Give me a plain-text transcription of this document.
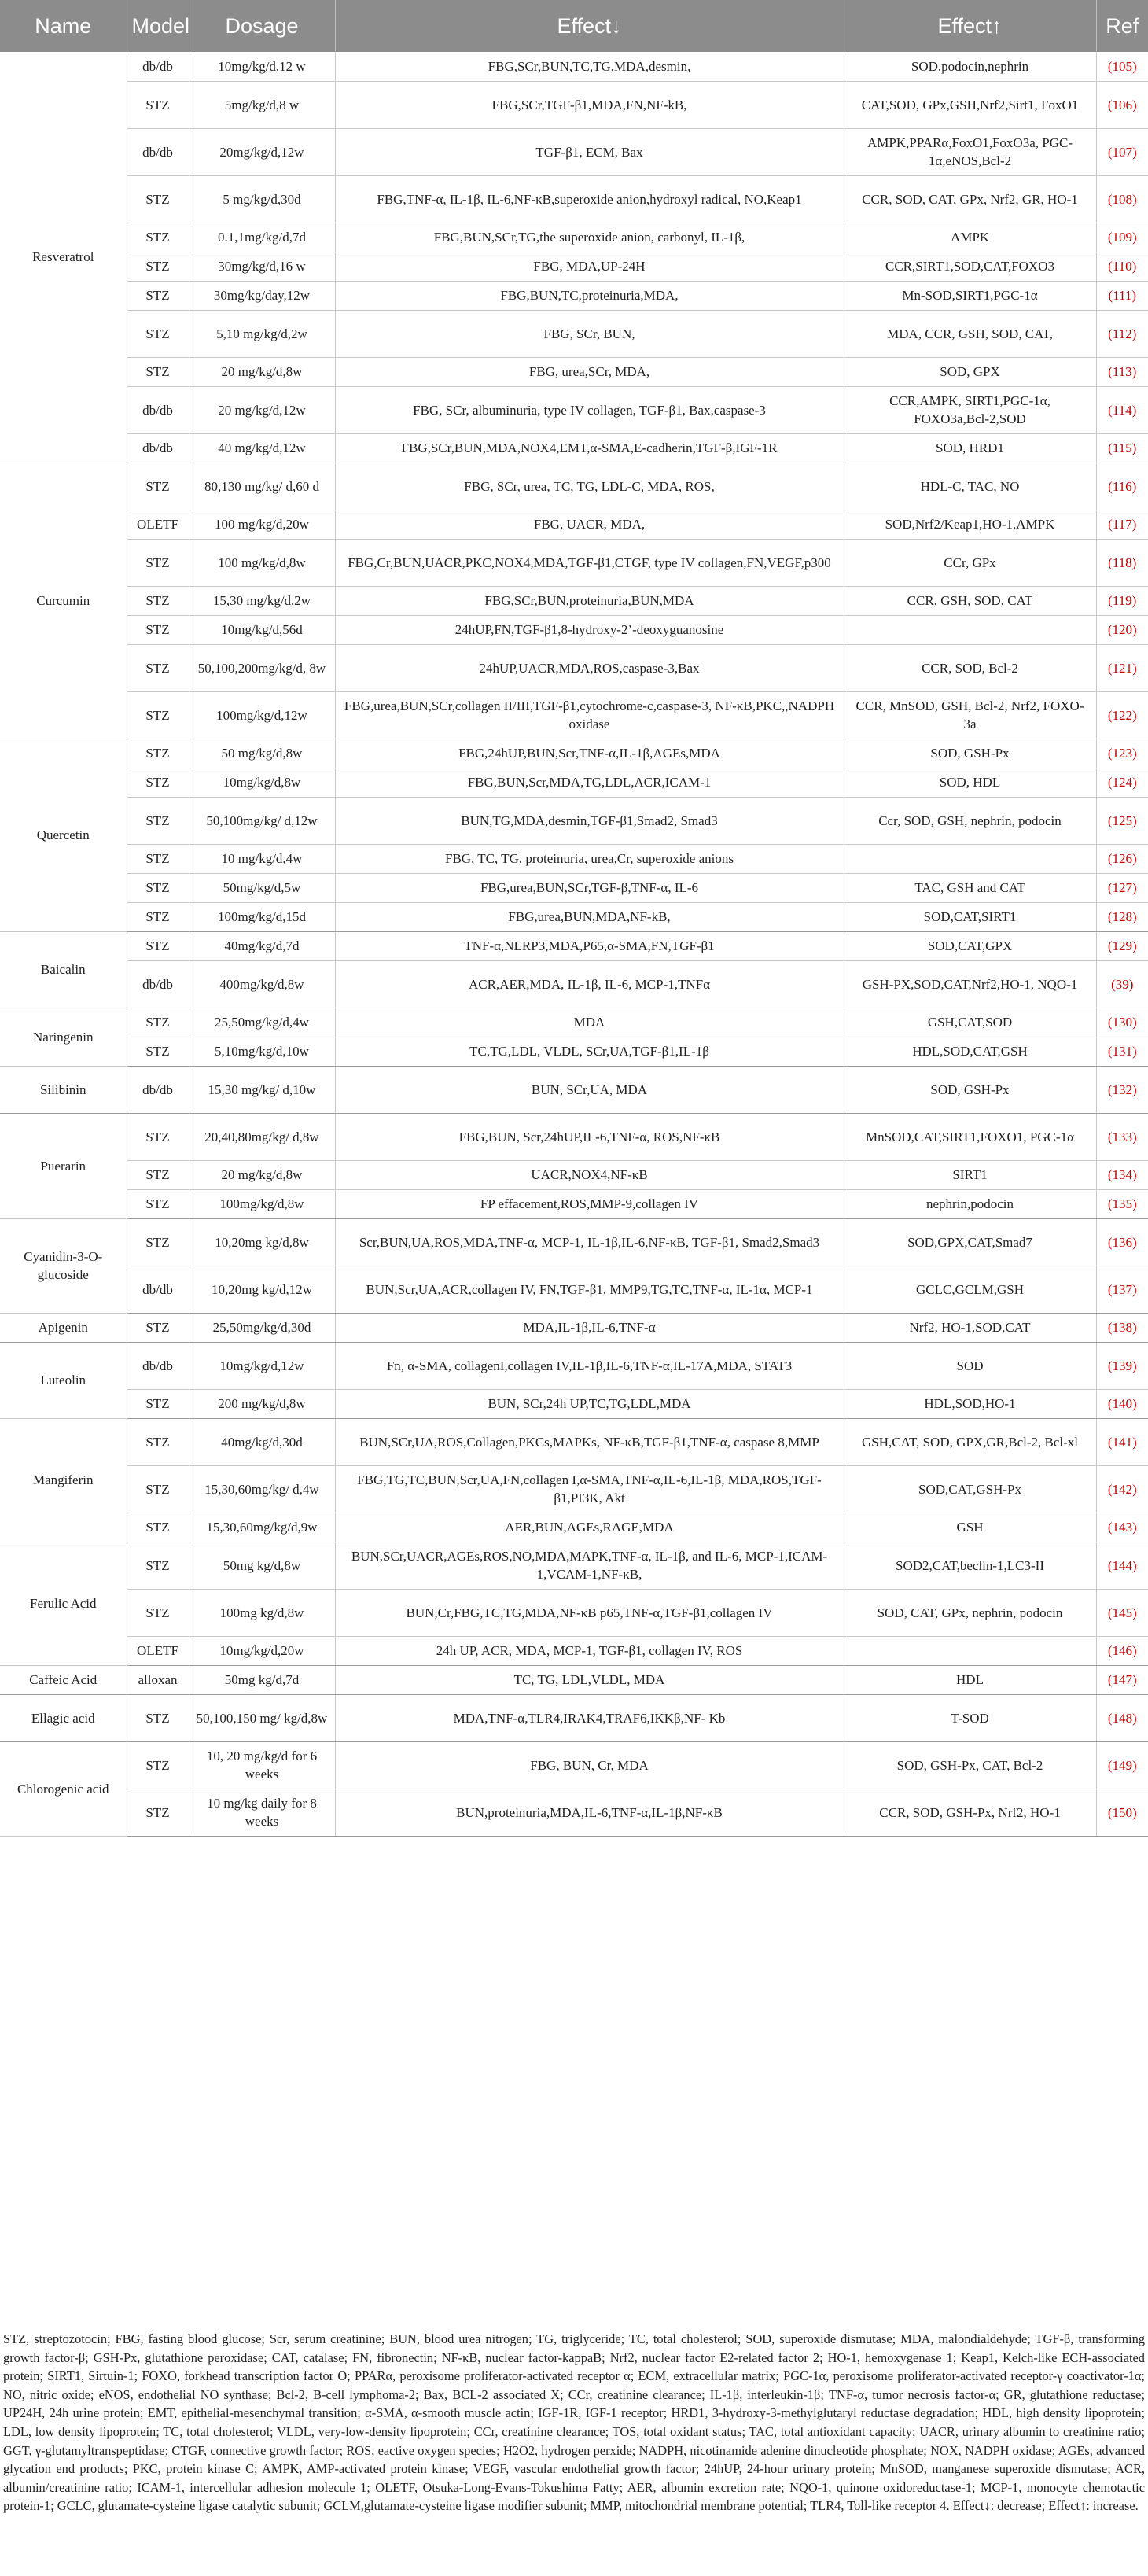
Name	Model	Dosage	Effect↓	Effect↑	Ref
Resveratrol	db/db	10mg/kg/d,12 w	FBG,SCr,BUN,TC,TG,MDA,desmin,	SOD,podocin,nephrin	(105)
	STZ	5mg/kg/d,8 w	FBG,SCr,TGF-β1,MDA,FN,NF-kB,	CAT,SOD, GPx,GSH,Nrf2,Sirt1, FoxO1	(106)
	db/db	20mg/kg/d,12w	TGF-β1, ECM, Bax	AMPK,PPARα,FoxO1,FoxO3a, PGC-1α,eNOS,Bcl-2	(107)
	STZ	5 mg/kg/d,30d	FBG,TNF-α, IL-1β, IL-6,NF-κB,superoxide anion,hydroxyl radical, NO,Keap1	CCR, SOD, CAT, GPx, Nrf2, GR, HO-1	(108)
	STZ	0.1,1mg/kg/d,7d	FBG,BUN,SCr,TG,the superoxide anion, carbonyl, IL-1β,	AMPK	(109)
	STZ	30mg/kg/d,16 w	FBG, MDA,UP-24H	CCR,SIRT1,SOD,CAT,FOXO3	(110)
	STZ	30mg/kg/day,12w	FBG,BUN,TC,proteinuria,MDA,	Mn-SOD,SIRT1,PGC-1α	(111)
	STZ	5,10 mg/kg/d,2w	FBG, SCr, BUN,	MDA, CCR, GSH, SOD, CAT,	(112)
	STZ	20 mg/kg/d,8w	FBG, urea,SCr, MDA,	SOD, GPX	(113)
	db/db	20 mg/kg/d,12w	FBG, SCr, albuminuria, type IV collagen, TGF-β1, Bax,caspase-3	CCR,AMPK, SIRT1,PGC-1α, FOXO3a,Bcl-2,SOD	(114)
	db/db	40 mg/kg/d,12w	FBG,SCr,BUN,MDA,NOX4,EMT,α-SMA,E-cadherin,TGF-β,IGF-1R	SOD, HRD1	(115)
Curcumin	STZ	80,130 mg/kg/ d,60 d	FBG, SCr, urea, TC, TG, LDL-C, MDA, ROS,	HDL-C, TAC, NO	(116)
	OLETF	100 mg/kg/d,20w	FBG, UACR, MDA,	SOD,Nrf2/Keap1,HO-1,AMPK	(117)
	STZ	100 mg/kg/d,8w	FBG,Cr,BUN,UACR,PKC,NOX4,MDA,TGF-β1,CTGF, type IV collagen,FN,VEGF,p300	CCr, GPx	(118)
	STZ	15,30 mg/kg/d,2w	FBG,SCr,BUN,proteinuria,BUN,MDA	CCR, GSH, SOD, CAT	(119)
	STZ	10mg/kg/d,56d	24hUP,FN,TGF-β1,8-hydroxy-2’-deoxyguanosine		(120)
	STZ	50,100,200mg/kg/d, 8w	24hUP,UACR,MDA,ROS,caspase-3,Bax	CCR, SOD, Bcl-2	(121)
	STZ	100mg/kg/d,12w	FBG,urea,BUN,SCr,collagen II/III,TGF-β1,cytochrome-c,caspase-3, NF-κB,PKC,,NADPH oxidase	CCR, MnSOD, GSH, Bcl-2, Nrf2, FOXO-3a	(122)
Quercetin	STZ	50 mg/kg/d,8w	FBG,24hUP,BUN,Scr,TNF-α,IL-1β,AGEs,MDA	SOD, GSH-Px	(123)
	STZ	10mg/kg/d,8w	FBG,BUN,Scr,MDA,TG,LDL,ACR,ICAM-1	SOD, HDL	(124)
	STZ	50,100mg/kg/ d,12w	BUN,TG,MDA,desmin,TGF-β1,Smad2, Smad3	Ccr, SOD, GSH, nephrin, podocin	(125)
	STZ	10 mg/kg/d,4w	FBG, TC, TG, proteinuria, urea,Cr, superoxide anions		(126)
	STZ	50mg/kg/d,5w	FBG,urea,BUN,SCr,TGF-β,TNF-α, IL-6	TAC, GSH and CAT	(127)
	STZ	100mg/kg/d,15d	FBG,urea,BUN,MDA,NF-kB,	SOD,CAT,SIRT1	(128)
Baicalin	STZ	40mg/kg/d,7d	TNF-α,NLRP3,MDA,P65,α-SMA,FN,TGF-β1	SOD,CAT,GPX	(129)
	db/db	400mg/kg/d,8w	ACR,AER,MDA, IL-1β, IL-6, MCP-1,TNFα	GSH-PX,SOD,CAT,Nrf2,HO-1, NQO-1	(39)
Naringenin	STZ	25,50mg/kg/d,4w	MDA	GSH,CAT,SOD	(130)
	STZ	5,10mg/kg/d,10w	TC,TG,LDL, VLDL, SCr,UA,TGF-β1,IL-1β	HDL,SOD,CAT,GSH	(131)
Silibinin	db/db	15,30 mg/kg/ d,10w	BUN, SCr,UA, MDA	SOD, GSH-Px	(132)
Puerarin	STZ	20,40,80mg/kg/ d,8w	FBG,BUN, Scr,24hUP,IL-6,TNF-α, ROS,NF-κB	MnSOD,CAT,SIRT1,FOXO1, PGC-1α	(133)
	STZ	20 mg/kg/d,8w	UACR,NOX4,NF-κB	SIRT1	(134)
	STZ	100mg/kg/d,8w	FP effacement,ROS,MMP-9,collagen IV	nephrin,podocin	(135)
Cyanidin-3-O-glucoside	STZ	10,20mg kg/d,8w	Scr,BUN,UA,ROS,MDA,TNF-α, MCP-1, IL-1β,IL-6,NF-κB, TGF-β1, Smad2,Smad3	SOD,GPX,CAT,Smad7	(136)
	db/db	10,20mg kg/d,12w	BUN,Scr,UA,ACR,collagen IV, FN,TGF-β1, MMP9,TG,TC,TNF-α, IL-1α, MCP-1	GCLC,GCLM,GSH	(137)
Apigenin	STZ	25,50mg/kg/d,30d	MDA,IL-1β,IL-6,TNF-α	Nrf2, HO-1,SOD,CAT	(138)
Luteolin	db/db	10mg/kg/d,12w	Fn, α-SMA, collagenI,collagen IV,IL-1β,IL-6,TNF-α,IL-17A,MDA, STAT3	SOD	(139)
	STZ	200 mg/kg/d,8w	BUN, SCr,24h UP,TC,TG,LDL,MDA	HDL,SOD,HO-1	(140)
Mangiferin	STZ	40mg/kg/d,30d	BUN,SCr,UA,ROS,Collagen,PKCs,MAPKs, NF-κB,TGF-β1,TNF-α, caspase 8,MMP	GSH,CAT, SOD, GPX,GR,Bcl-2, Bcl-xl	(141)
	STZ	15,30,60mg/kg/ d,4w	FBG,TG,TC,BUN,Scr,UA,FN,collagen I,α-SMA,TNF-α,IL-6,IL-1β, MDA,ROS,TGF-β1,PI3K, Akt	SOD,CAT,GSH-Px	(142)
	STZ	15,30,60mg/kg/d,9w	AER,BUN,AGEs,RAGE,MDA	GSH	(143)
Ferulic Acid	STZ	50mg kg/d,8w	BUN,SCr,UACR,AGEs,ROS,NO,MDA,MAPK,TNF-α, IL-1β, and IL-6, MCP-1,ICAM-1,VCAM-1,NF-κB,	SOD2,CAT,beclin-1,LC3-II	(144)
	STZ	100mg kg/d,8w	BUN,Cr,FBG,TC,TG,MDA,NF-κB p65,TNF-α,TGF-β1,collagen IV	SOD, CAT, GPx, nephrin, podocin	(145)
	OLETF	10mg/kg/d,20w	24h UP, ACR, MDA, MCP-1, TGF-β1, collagen IV, ROS		(146)
Caffeic Acid	alloxan	50mg kg/d,7d	TC, TG, LDL,VLDL, MDA	HDL	(147)
Ellagic acid	STZ	50,100,150 mg/ kg/d,8w	MDA,TNF-α,TLR4,IRAK4,TRAF6,IKKβ,NF- Kb	T-SOD	(148)
Chlorogenic acid	STZ	10, 20 mg/kg/d for 6 weeks	FBG, BUN, Cr, MDA	SOD, GSH-Px, CAT, Bcl-2	(149)
	STZ	10 mg/kg daily for 8 weeks	BUN,proteinuria,MDA,IL-6,TNF-α,IL-1β,NF-κB	CCR, SOD, GSH-Px, Nrf2, HO-1	(150)
STZ, streptozotocin; FBG, fasting blood glucose; Scr, serum creatinine; BUN, blood urea nitrogen; TG, triglyceride; TC, total cholesterol; SOD, superoxide dismutase; MDA, malondialdehyde; TGF-β, transforming growth factor-β; GSH-Px, glutathione peroxidase; CAT, catalase; FN, fibronectin; NF-κB, nuclear factor-kappaB; Nrf2, nuclear factor E2-related factor 2; HO-1, hemoxygenase 1; Keap1, Kelch-like ECH-associated protein; SIRT1, Sirtuin-1; FOXO, forkhead transcription factor O; PPARα, peroxisome proliferator-activated receptor α; ECM, extracellular matrix; PGC-1α, peroxisome proliferator-activated receptor-γ coactivator-1α; NO, nitric oxide; eNOS, endothelial NO synthase; Bcl-2, B-cell lymphoma-2; Bax, BCL-2 associated X; CCr, creatinine clearance; IL-1β, interleukin-1β; TNF-α, tumor necrosis factor-α; GR, glutathione reductase; UP24H, 24h urine protein; EMT, epithelial-mesenchymal transition; α-SMA, α-smooth muscle actin; IGF-1R, IGF-1 receptor; HRD1, 3-hydroxy-3-methylglutaryl reductase degradation; HDL, high density lipoprotein; LDL, low density lipoprotein; TC, total cholesterol; VLDL, very-low-density lipoprotein; CCr, creatinine clearance; TOS, total oxidant status; TAC, total antioxidant capacity; UACR, urinary albumin to creatinine ratio; GGT, γ-glutamyltranspeptidase; CTGF, connective growth factor; ROS, eactive oxygen species; H2O2, hydrogen perxide; NADPH, nicotinamide adenine dinucleotide phosphate; NOX, NADPH oxidase; AGEs, advanced glycation end products; PKC, protein kinase C; AMPK, AMP-activated protein kinase; VEGF, vascular endothelial growth factor; 24hUP, 24-hour urinary protein; MnSOD, manganese superoxide dismutase; ACR, albumin/creatinine ratio; ICAM-1, intercellular adhesion molecule 1; OLETF, Otsuka-Long-Evans-Tokushima Fatty; AER, albumin excretion rate; NQO-1, quinone oxidoreductase-1; MCP-1, monocyte chemotactic protein-1; GCLC, glutamate-cysteine ligase catalytic subunit; GCLM,glutamate-cysteine ligase modifier subunit; MMP, mitochondrial membrane potential; TLR4, Toll-like receptor 4. Effect↓: decrease; Effect↑: increase.
